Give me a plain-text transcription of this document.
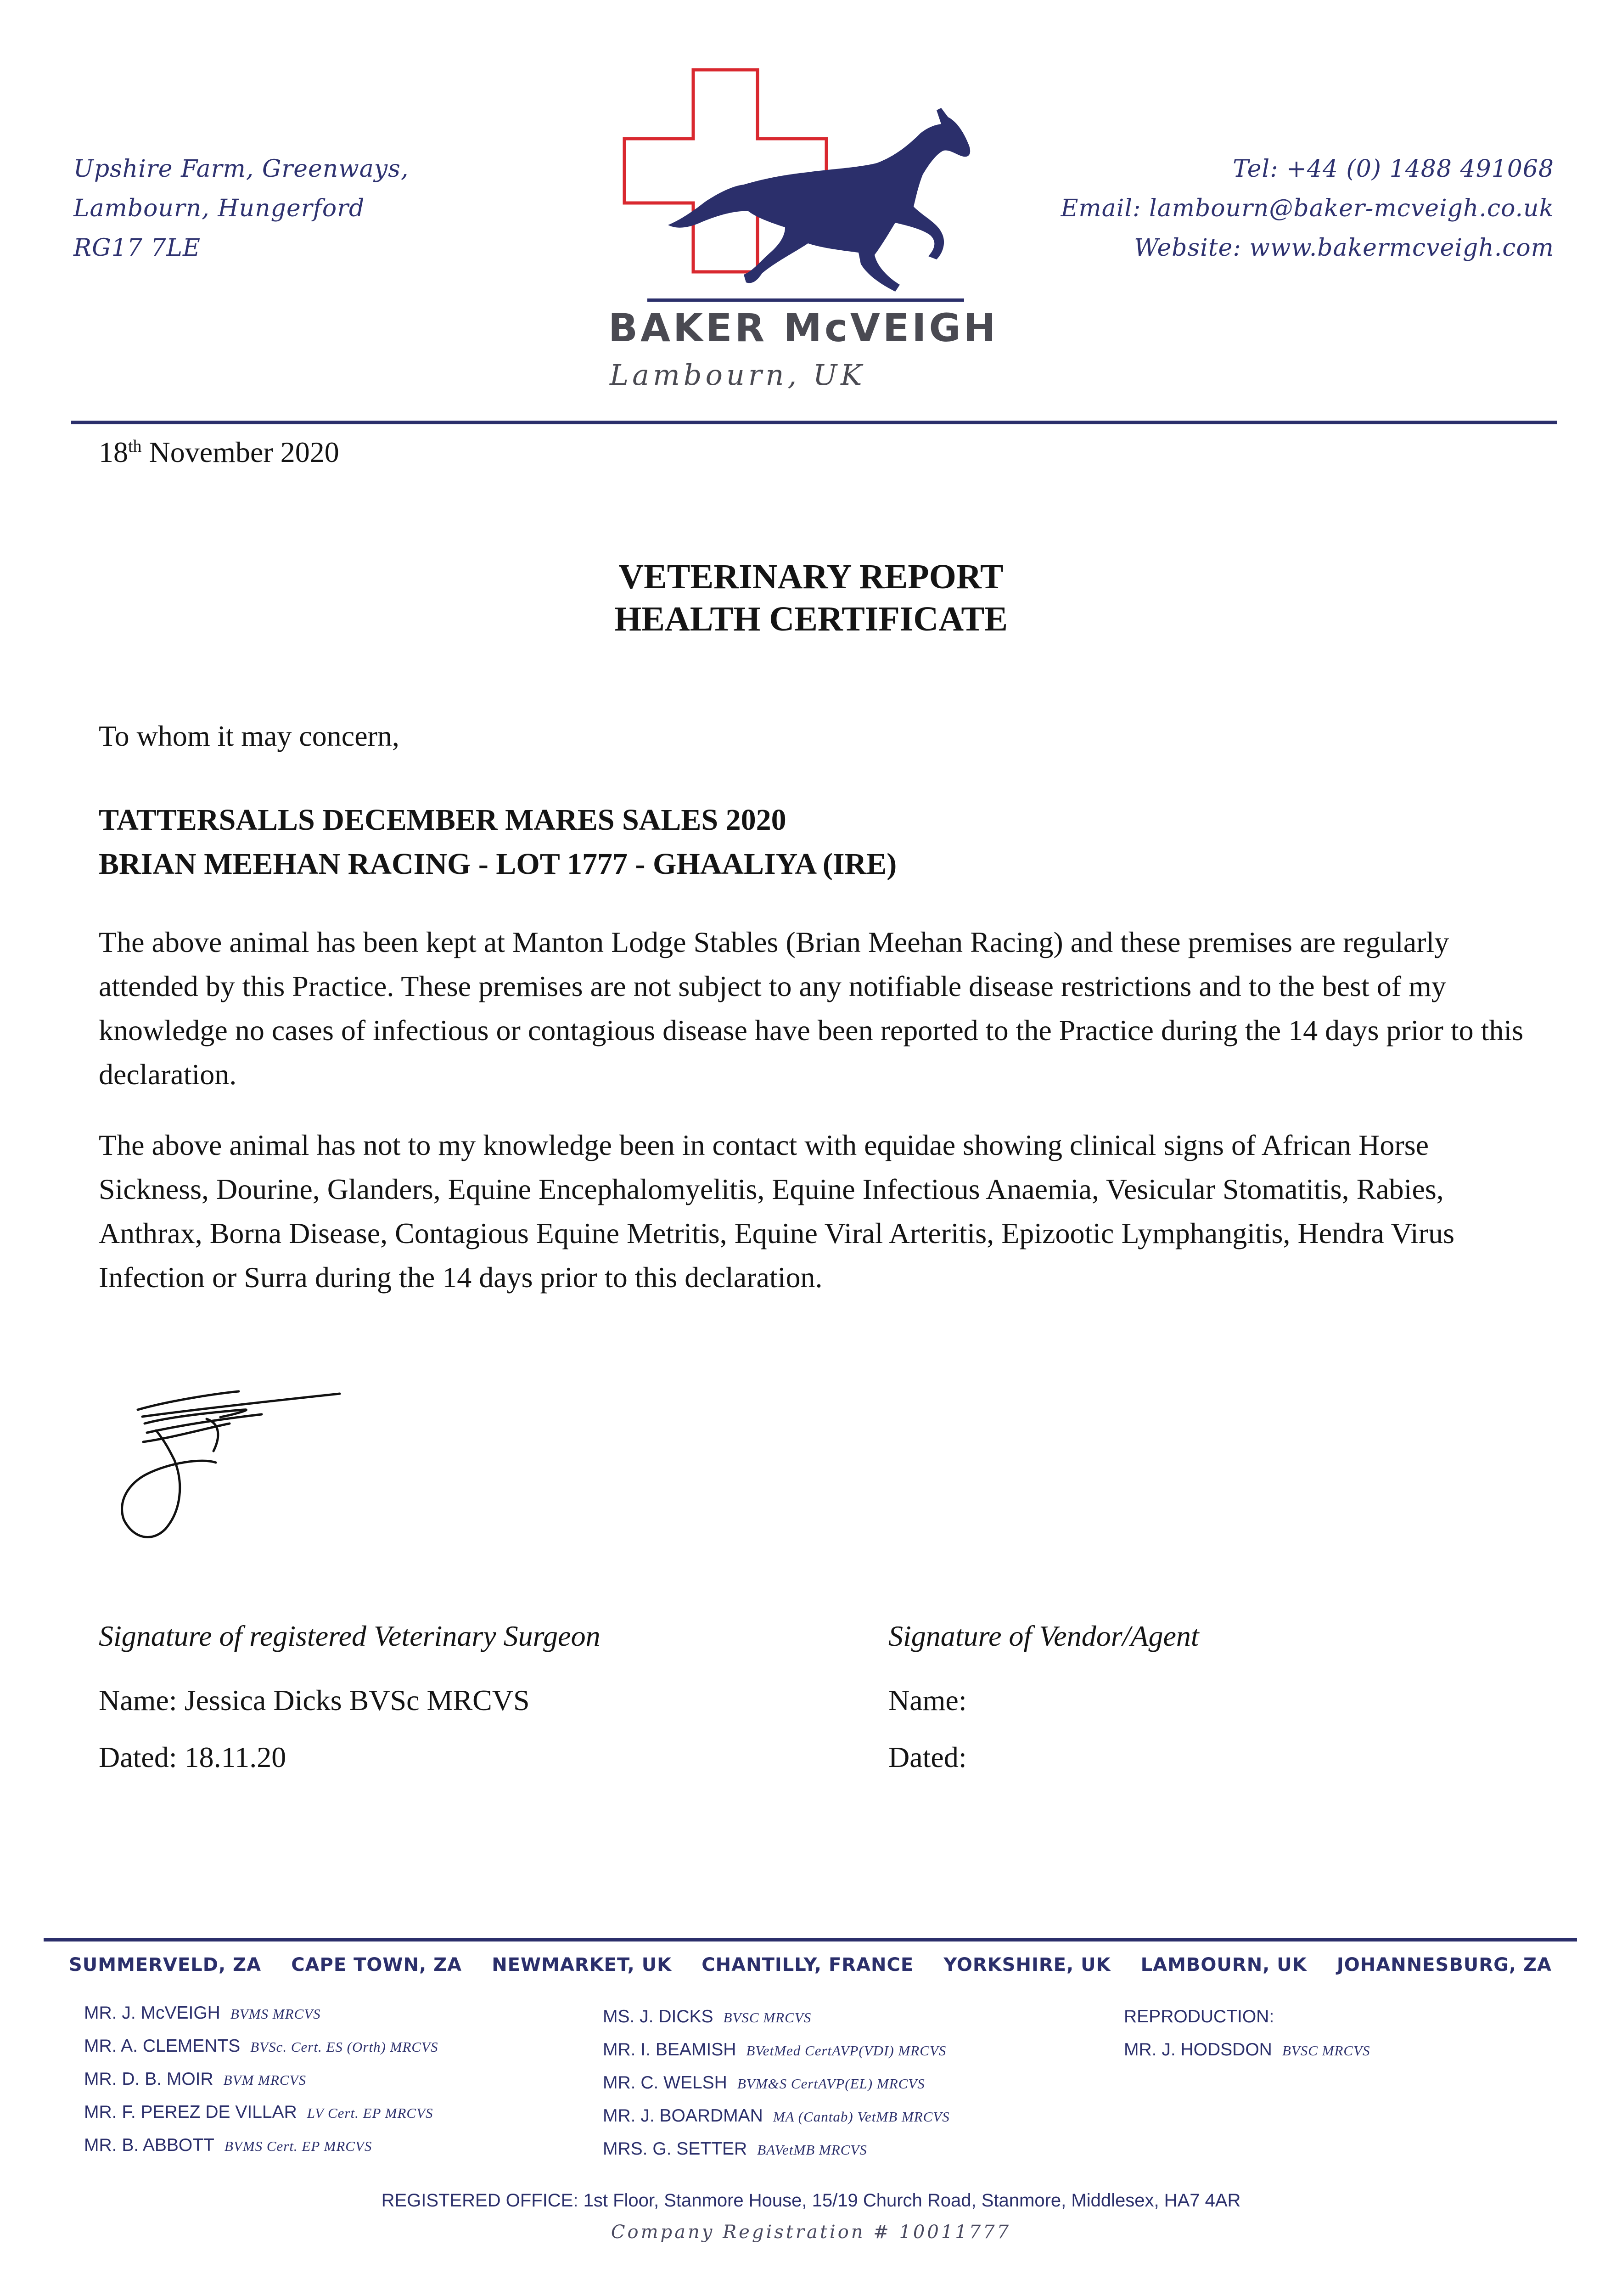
Upshire Farm, Greenways,
Lambourn, Hungerford
RG17 7LE
Tel: +44 (0) 1488 491068
Email: lambourn@baker-mcveigh.co.uk
Website: www.bakermcveigh.com
BAKER McVEIGH
Lambourn, UK
18th November 2020
VETERINARY REPORT
HEALTH CERTIFICATE
To whom it may concern,
TATTERSALLS DECEMBER MARES SALES 2020
BRIAN MEEHAN RACING - LOT 1777 - GHAALIYA (IRE)
The above animal has been kept at Manton Lodge Stables (Brian Meehan Racing) and these premises are regularly attended by this Practice. These premises are not subject to any notifiable disease restrictions and to the best of my knowledge no cases of infectious or contagious disease have been reported to the Practice during the 14 days prior to this declaration.
The above animal has not to my knowledge been in contact with equidae showing clinical signs of African Horse Sickness, Dourine, Glanders, Equine Encephalomyelitis, Equine Infectious Anaemia, Vesicular Stomatitis, Rabies, Anthrax, Borna Disease, Contagious Equine Metritis, Equine Viral Arteritis, Epizootic Lymphangitis, Hendra Virus Infection or Surra during the 14 days prior to this declaration.
Signature of registered Veterinary Surgeon
Name: Jessica Dicks BVSc MRCVS
Dated: 18.11.20
Signature of Vendor/Agent
Name:
Dated:
SUMMERVELD, ZA CAPE TOWN, ZA NEWMARKET, UK CHANTILLY, FRANCE YORKSHIRE, UK LAMBOURN, UK JOHANNESBURG, ZA
MR. J. McVEIGH BVMS MRCVS
MR. A. CLEMENTS BVSc. Cert. ES (Orth) MRCVS
MR. D. B. MOIR BVM MRCVS
MR. F. PEREZ DE VILLAR LV Cert. EP MRCVS
MR. B. ABBOTT BVMS Cert. EP MRCVS
MS. J. DICKS BVSC MRCVS
MR. I. BEAMISH BVetMed CertAVP(VDI) MRCVS
MR. C. WELSH BVM&S CertAVP(EL) MRCVS
MR. J. BOARDMAN MA (Cantab) VetMB MRCVS
MRS. G. SETTER BAVetMB MRCVS
REPRODUCTION:
MR. J. HODSDON BVSC MRCVS
REGISTERED OFFICE: 1st Floor, Stanmore House, 15/19 Church Road, Stanmore, Middlesex, HA7 4AR
Company Registration # 10011777
